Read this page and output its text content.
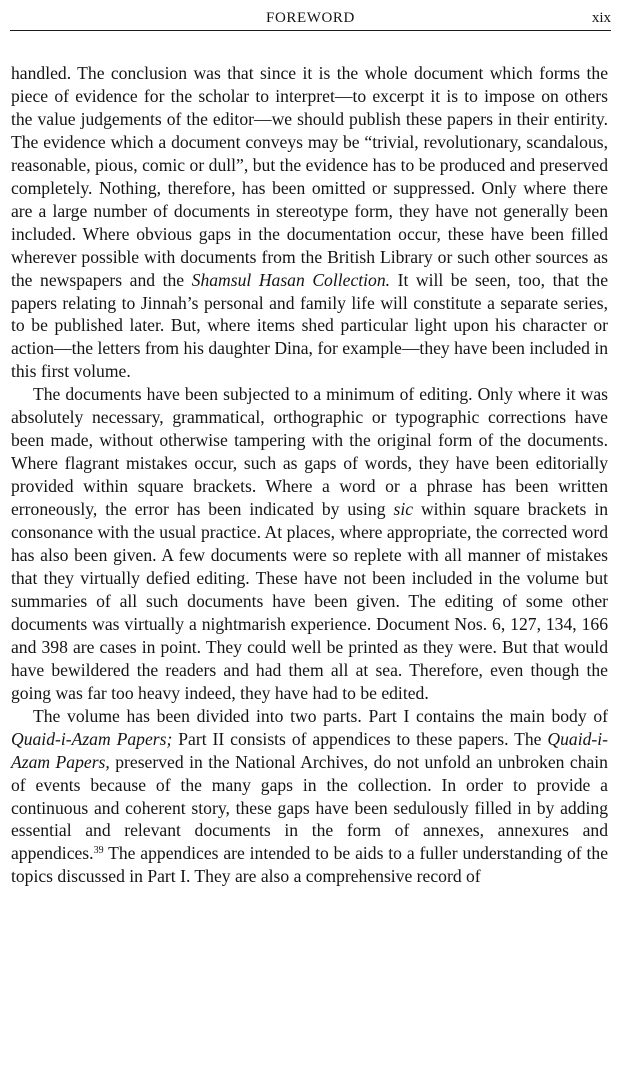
FOREWORD	xix

handled. The conclusion was that since it is the whole document which forms the piece of evidence for the scholar to interpret—to excerpt it is to impose on others the value judgements of the editor—we should publish these papers in their entirity. The evidence which a document conveys may be “trivial, revolutionary, scandalous, reasonable, pious, comic or dull”, but the evidence has to be produced and preserved completely. Nothing, therefore, has been omitted or suppressed. Only where there are a large number of documents in stereotype form, they have not generally been included. Where obvious gaps in the documentation occur, these have been filled wherever possible with documents from the British Library or such other sources as the newspapers and the Shamsul Hasan Collection. It will be seen, too, that the papers relating to Jinnah’s personal and family life will constitute a separate series, to be published later. But, where items shed particular light upon his character or action—the letters from his daughter Dina, for example—they have been included in this first volume.

The documents have been subjected to a minimum of editing. Only where it was absolutely necessary, grammatical, orthographic or typographic corrections have been made, without otherwise tampering with the original form of the documents. Where flagrant mistakes occur, such as gaps of words, they have been editorially provided within square brackets. Where a word or a phrase has been written erroneously, the error has been indicated by using sic within square brackets in consonance with the usual practice. At places, where appropriate, the corrected word has also been given. A few documents were so replete with all manner of mistakes that they virtually defied editing. These have not been included in the volume but summaries of all such documents have been given. The editing of some other documents was virtually a nightmarish experience. Document Nos. 6, 127, 134, 166 and 398 are cases in point. They could well be printed as they were. But that would have bewildered the readers and had them all at sea. Therefore, even though the going was far too heavy indeed, they have had to be edited.

The volume has been divided into two parts. Part I contains the main body of Quaid-i-Azam Papers; Part II consists of appendices to these papers. The Quaid-i-Azam Papers, preserved in the National Archives, do not unfold an unbroken chain of events because of the many gaps in the collection. In order to provide a continuous and coherent story, these gaps have been sedulously filled in by adding essential and relevant documents in the form of annexes, annexures and appendices.$^{39}$ The appendices are intended to be aids to a fuller understanding of the topics discussed in Part I. They are also a comprehensive record of
